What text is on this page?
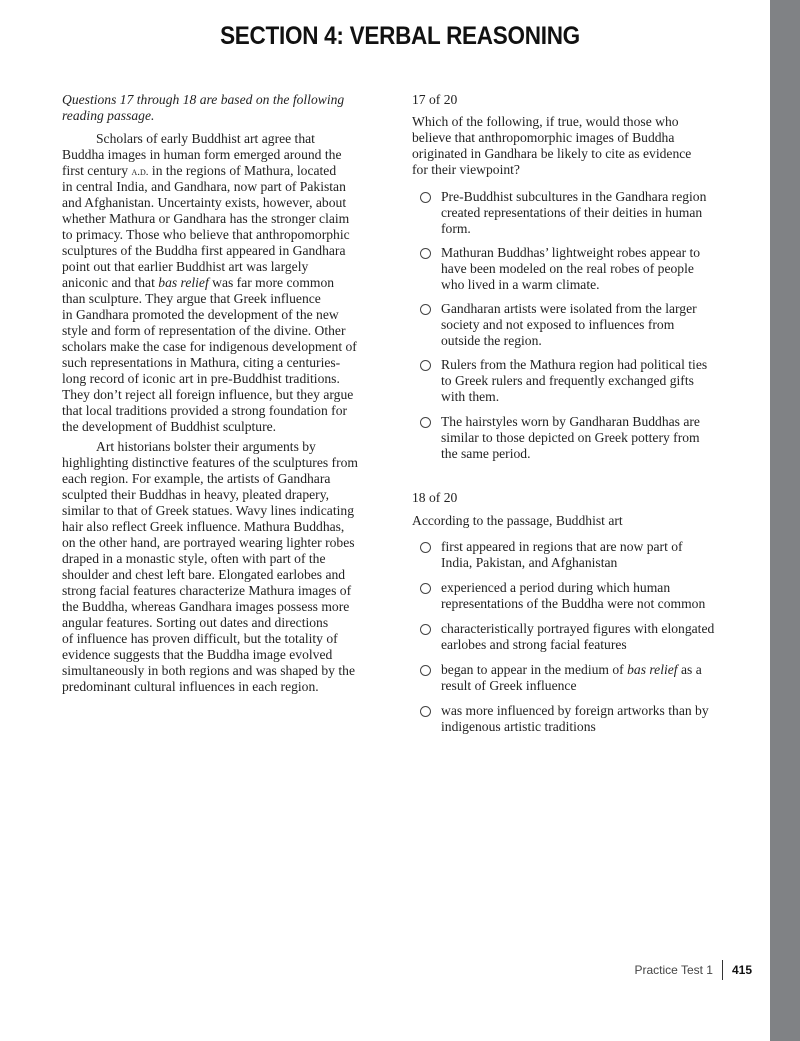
SECTION 4: VERBAL REASONING
Questions 17 through 18 are based on the following
reading passage.
Scholars of early Buddhist art agree that
Buddha images in human form emerged around the
first century a.d. in the regions of Mathura, located
in central India, and Gandhara, now part of Pakistan
and Afghanistan. Uncertainty exists, however, about
whether Mathura or Gandhara has the stronger claim
to primacy. Those who believe that anthropomorphic
sculptures of the Buddha first appeared in Gandhara
point out that earlier Buddhist art was largely
aniconic and that bas relief was far more common
than sculpture. They argue that Greek influence
in Gandhara promoted the development of the new
style and form of representation of the divine. Other
scholars make the case for indigenous development of
such representations in Mathura, citing a centuries-
long record of iconic art in pre-Buddhist traditions.
They don’t reject all foreign influence, but they argue
that local traditions provided a strong foundation for
the development of Buddhist sculpture.
Art historians bolster their arguments by
highlighting distinctive features of the sculptures from
each region. For example, the artists of Gandhara
sculpted their Buddhas in heavy, pleated drapery,
similar to that of Greek statues. Wavy lines indicating
hair also reflect Greek influence. Mathura Buddhas,
on the other hand, are portrayed wearing lighter robes
draped in a monastic style, often with part of the
shoulder and chest left bare. Elongated earlobes and
strong facial features characterize Mathura images of
the Buddha, whereas Gandhara images possess more
angular features. Sorting out dates and directions
of influence has proven difficult, but the totality of
evidence suggests that the Buddha image evolved
simultaneously in both regions and was shaped by the
predominant cultural influences in each region.
17 of 20
Which of the following, if true, would those who
believe that anthropomorphic images of Buddha
originated in Gandhara be likely to cite as evidence
for their viewpoint?
Pre-Buddhist subcultures in the Gandhara region
created representations of their deities in human
form.
Mathuran Buddhas’ lightweight robes appear to
have been modeled on the real robes of people
who lived in a warm climate.
Gandharan artists were isolated from the larger
society and not exposed to influences from
outside the region.
Rulers from the Mathura region had political ties
to Greek rulers and frequently exchanged gifts
with them.
The hairstyles worn by Gandharan Buddhas are
similar to those depicted on Greek pottery from
the same period.
18 of 20
According to the passage, Buddhist art
first appeared in regions that are now part of
India, Pakistan, and Afghanistan
experienced a period during which human
representations of the Buddha were not common
characteristically portrayed figures with elongated
earlobes and strong facial features
began to appear in the medium of bas relief as a
result of Greek influence
was more influenced by foreign artworks than by
indigenous artistic traditions
Practice Test 1 415
